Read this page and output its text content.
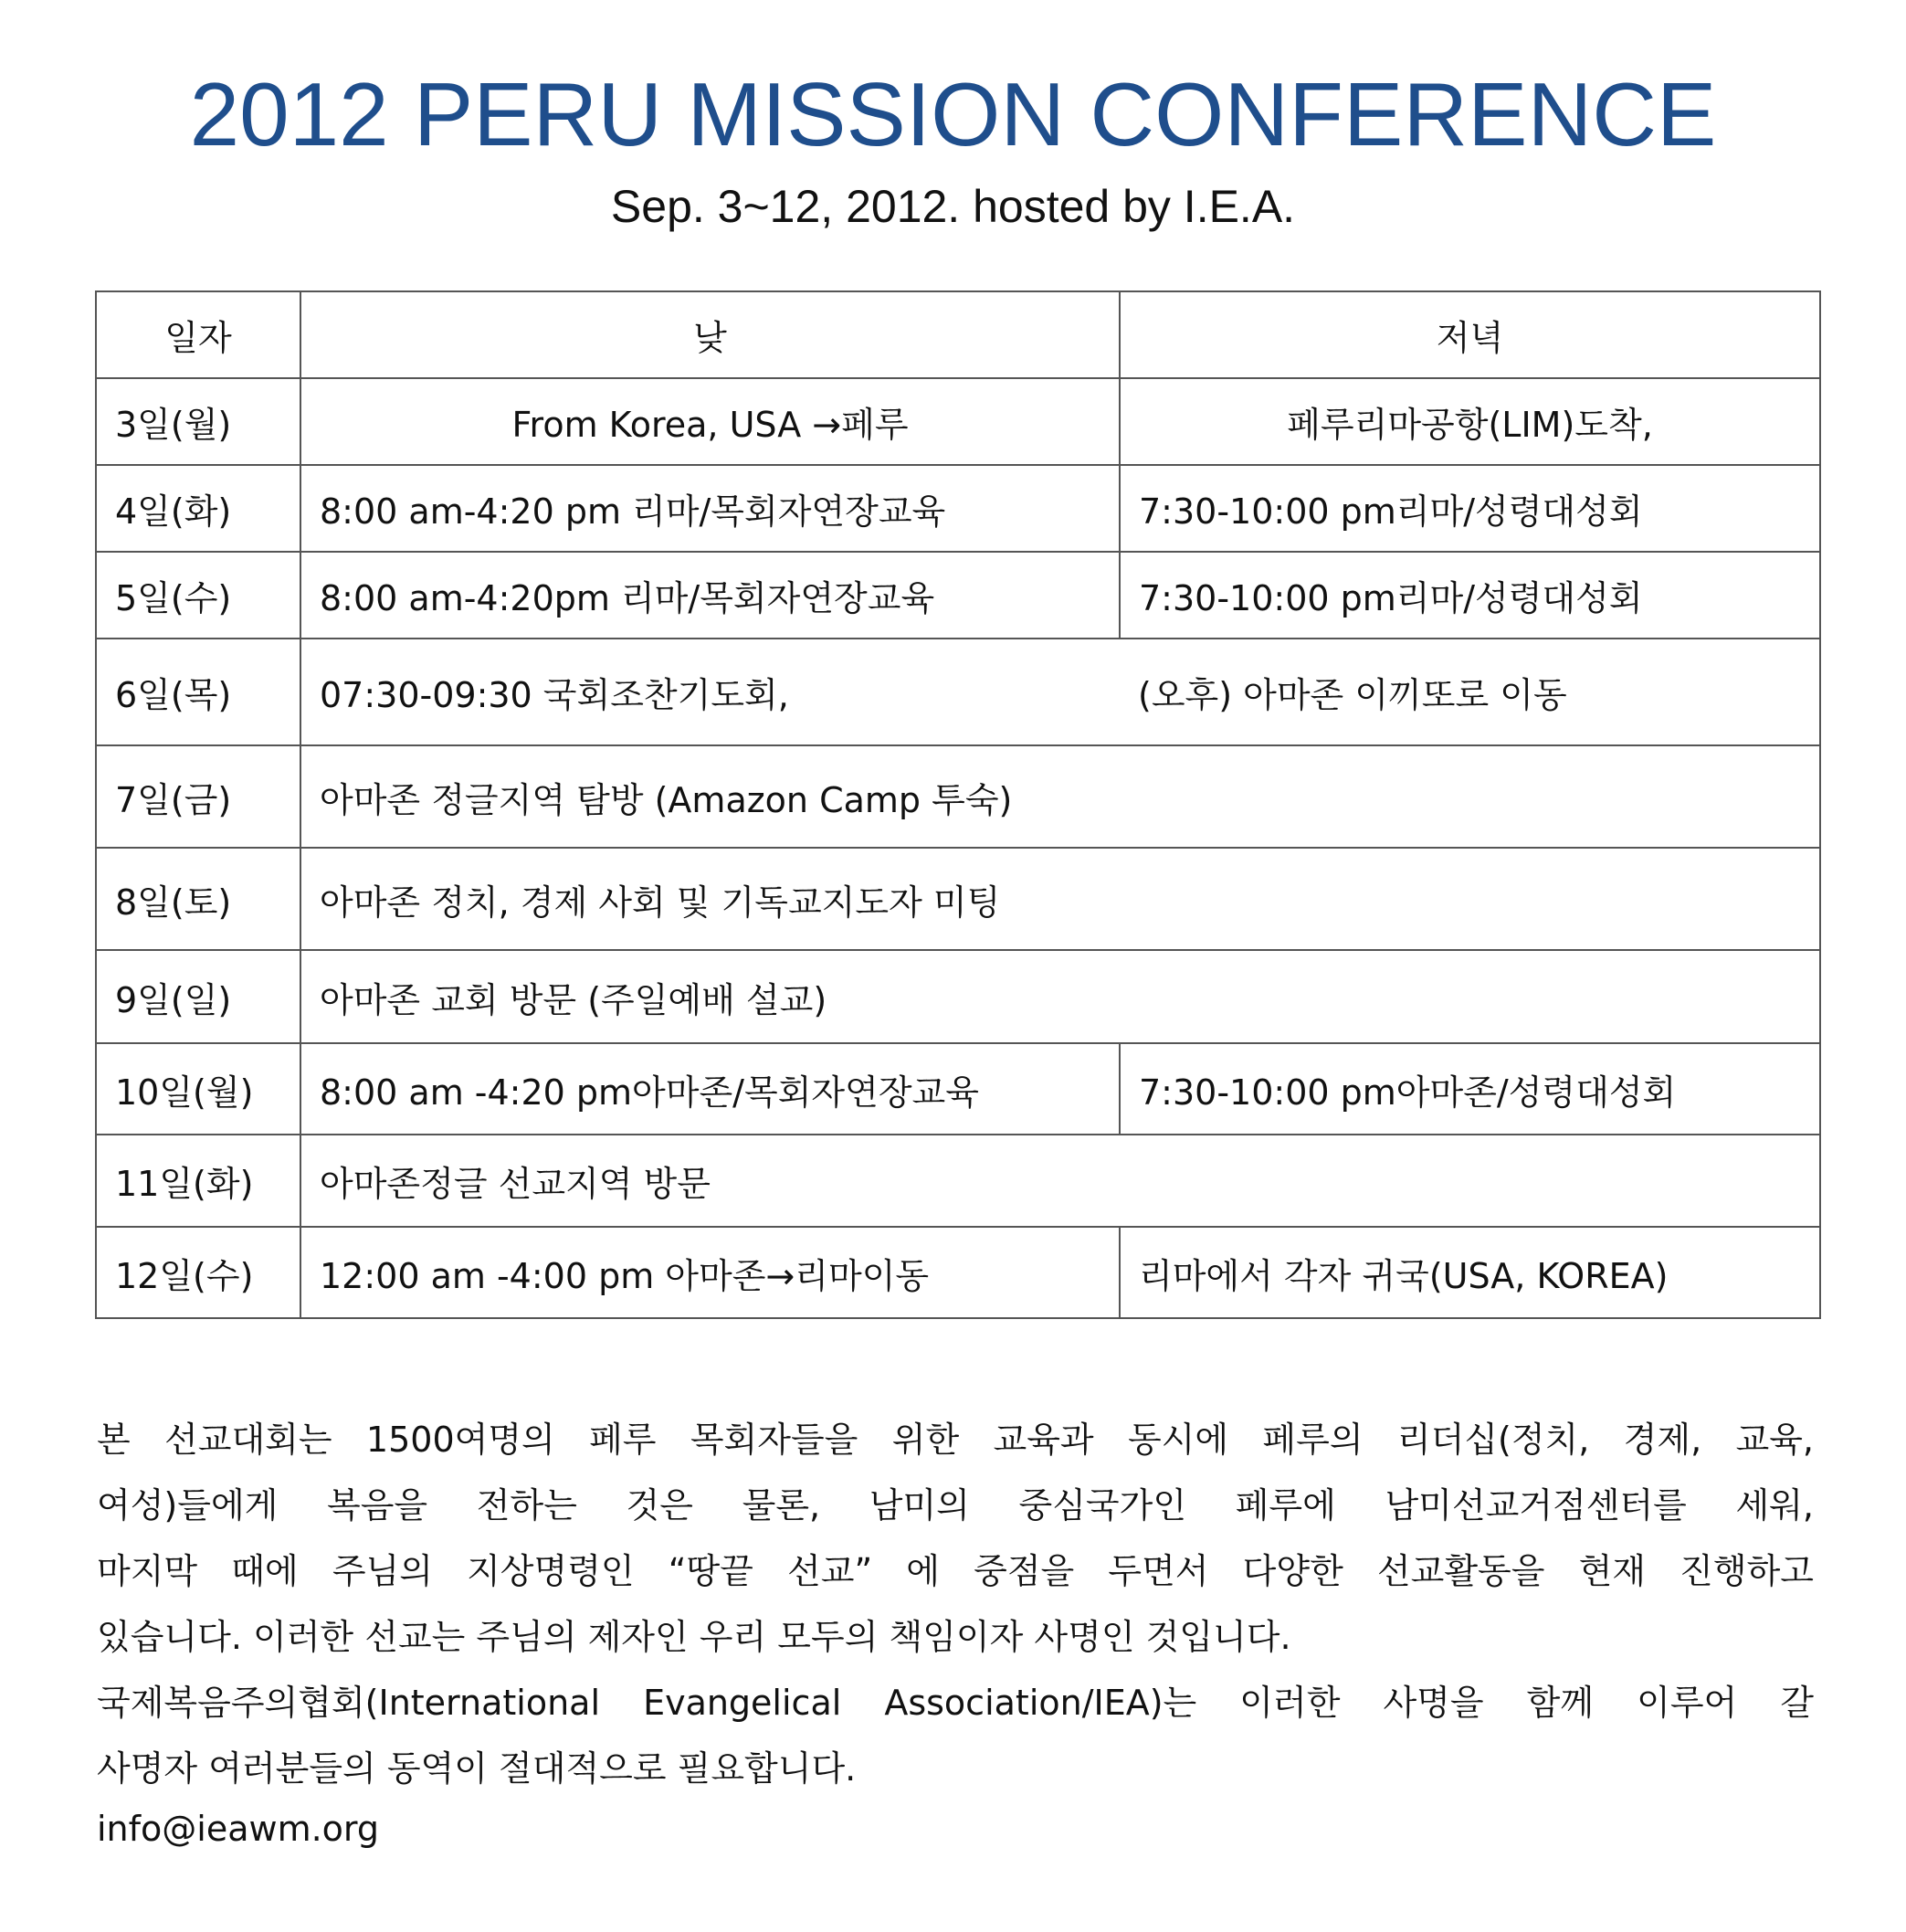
2012 PERU MISSION CONFERENCE
Sep. 3~12, 2012. hosted by I.E.A.
일자	낮	저녁
3일(월)	From Korea, USA →페루	페루리마공항(LIM)도착,
4일(화)	8:00 am-4:20 pm 리마/목회자연장교육	7:30-10:00 pm리마/성령대성회
5일(수)	8:00 am-4:20pm 리마/목회자연장교육	7:30-10:00 pm리마/성령대성회
6일(목)	07:30-09:30 국회조찬기도회,	(오후) 아마존 이끼또로 이동
7일(금)	아마존 정글지역 탐방 (Amazon Camp 투숙)	
8일(토)	아마존 정치, 경제 사회 및 기독교지도자 미팅	
9일(일)	아마존 교회 방문 (주일예배 설교)	
10일(월)	8:00 am -4:20 pm아마존/목회자연장교육	7:30-10:00 pm아마존/성령대성회
11일(화)	아마존정글 선교지역 방문	
12일(수)	12:00 am -4:00 pm 아마존→리마이동	리마에서 각자 귀국(USA, KOREA)
본 선교대회는 1500여명의 페루 목회자들을 위한 교육과 동시에 페루의 리더십(정치, 경제, 교육,
여성)들에게 복음을 전하는 것은 물론, 남미의 중심국가인 페루에 남미선교거점센터를 세워,
마지막 때에 주님의 지상명령인 “땅끝 선교” 에 중점을 두면서 다양한 선교활동을 현재 진행하고
있습니다. 이러한 선교는 주님의 제자인 우리 모두의 책임이자 사명인 것입니다.
국제복음주의협회(International Evangelical Association/IEA)는 이러한 사명을 함께 이루어 갈
사명자 여러분들의 동역이 절대적으로 필요합니다.
info@ieawm.org
